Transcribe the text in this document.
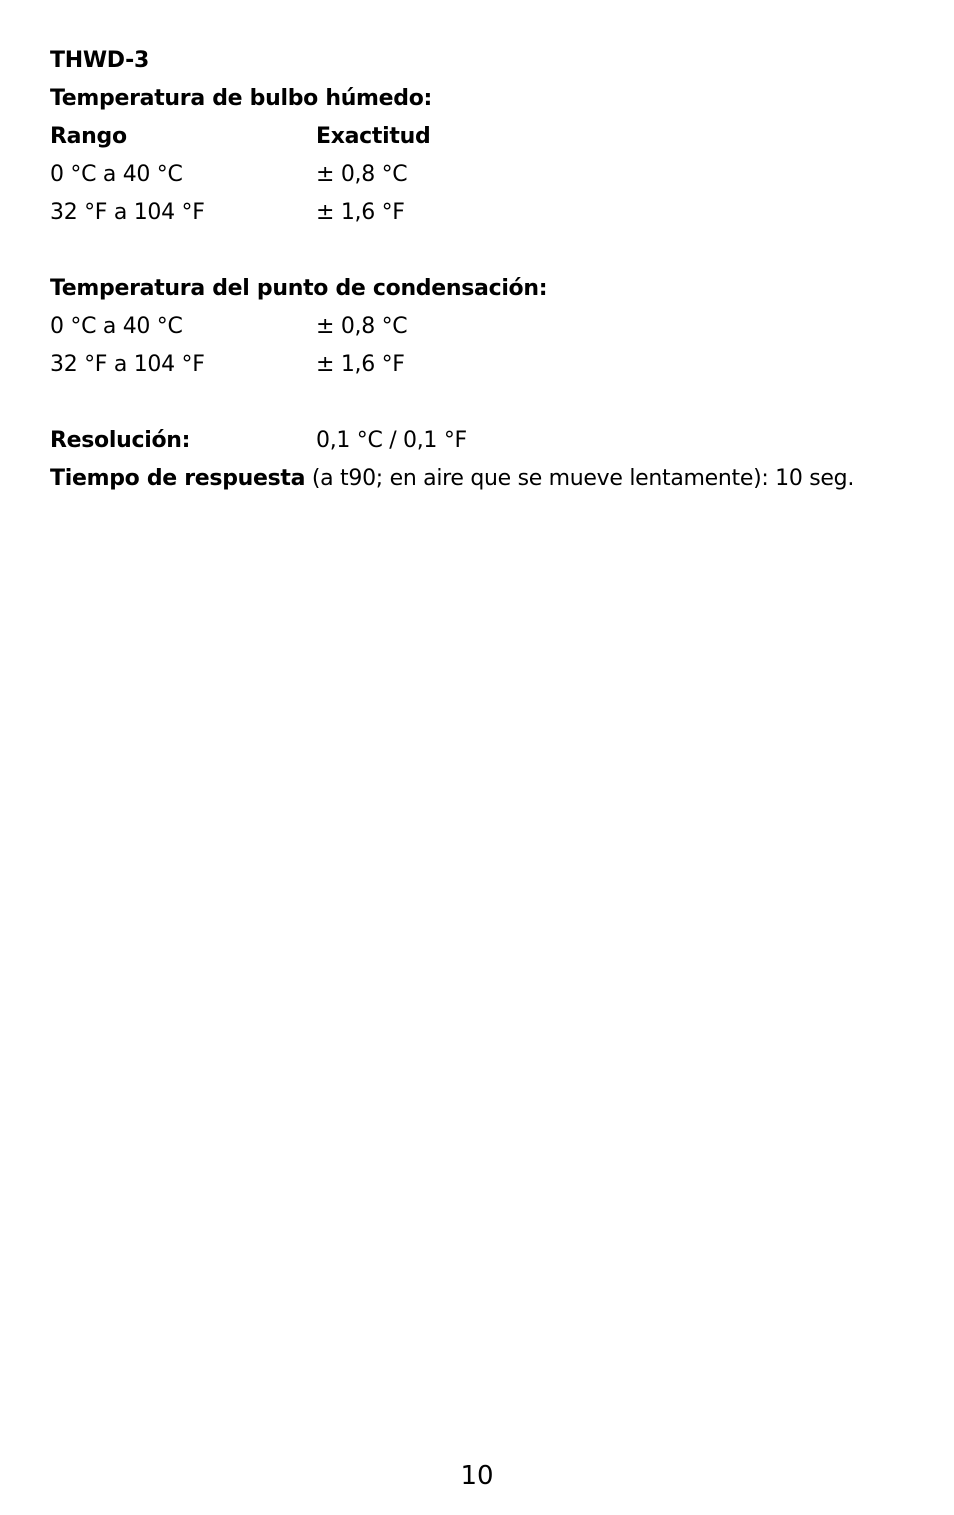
THWD-3
Temperatura de bulbo húmedo:
Rango	Exactitud
0 °C a 40 °C	± 0,8 °C
32 °F a 104 °F	± 1,6 °F
Temperatura del punto de condensación:
0 °C a 40 °C	± 0,8 °C
32 °F a 104 °F	± 1,6 °F
Resolución:	0,1 °C / 0,1 °F
Tiempo de respuesta (a t90; en aire que se mueve lentamente): 10 seg.
10
